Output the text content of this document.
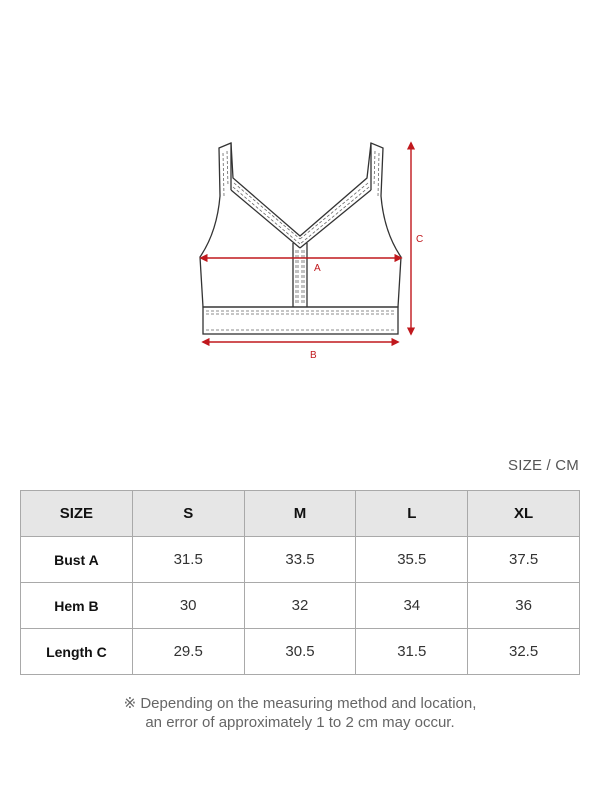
A
B
C
SIZE / CM
SIZE	S	M	L	XL
Bust A	31.5	33.5	35.5	37.5
Hem B	30	32	34	36
Length C	29.5	30.5	31.5	32.5
※ Depending on the measuring method and location,
an error of approximately 1 to 2 cm may occur.
